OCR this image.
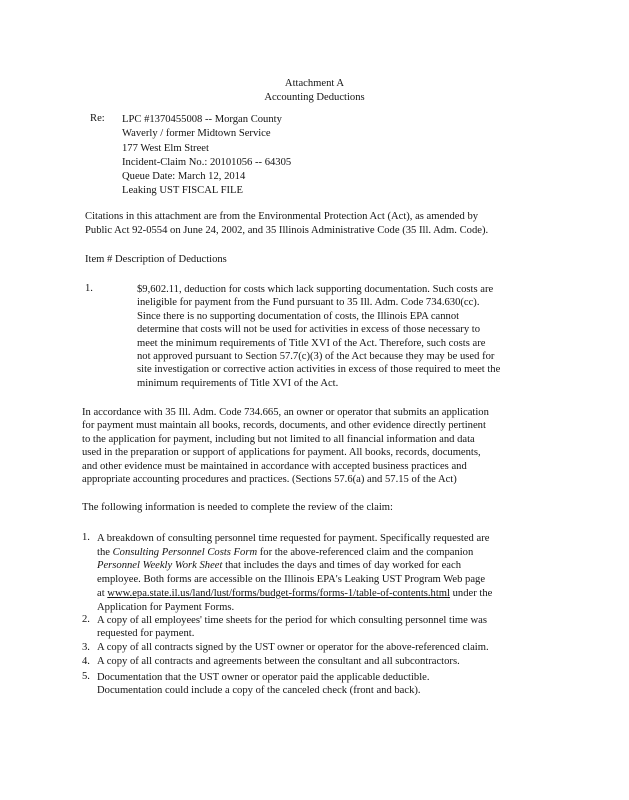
Attachment A
Accounting Deductions
Re: LPC #1370455008 -- Morgan County
Waverly / former Midtown Service
177 West Elm Street
Incident-Claim No.: 20101056 -- 64305
Queue Date: March 12, 2014
Leaking UST FISCAL FILE
Citations in this attachment are from the Environmental Protection Act (Act), as amended by
Public Act 92-0554 on June 24, 2002, and 35 Illinois Administrative Code (35 Ill. Adm. Code).
Item # Description of Deductions
1.	$9,602.11, deduction for costs which lack supporting documentation. Such costs are
ineligible for payment from the Fund pursuant to 35 Ill. Adm. Code 734.630(cc).
Since there is no supporting documentation of costs, the Illinois EPA cannot
determine that costs will not be used for activities in excess of those necessary to
meet the minimum requirements of Title XVI of the Act. Therefore, such costs are
not approved pursuant to Section 57.7(c)(3) of the Act because they may be used for
site investigation or corrective action activities in excess of those required to meet the
minimum requirements of Title XVI of the Act.
In accordance with 35 Ill. Adm. Code 734.665, an owner or operator that submits an application
for payment must maintain all books, records, documents, and other evidence directly pertinent
to the application for payment, including but not limited to all financial information and data
used in the preparation or support of applications for payment. All books, records, documents,
and other evidence must be maintained in accordance with accepted business practices and
appropriate accounting procedures and practices. (Sections 57.6(a) and 57.15 of the Act)
The following information is needed to complete the review of the claim:
1. A breakdown of consulting personnel time requested for payment. Specifically requested are
the Consulting Personnel Costs Form for the above-referenced claim and the companion
Personnel Weekly Work Sheet that includes the days and times of day worked for each
employee. Both forms are accessible on the Illinois EPA's Leaking UST Program Web page
at www.epa.state.il.us/land/lust/forms/budget-forms/forms-1/table-of-contents.html under the
Application for Payment Forms.
2. A copy of all employees' time sheets for the period for which consulting personnel time was
requested for payment.
3. A copy of all contracts signed by the UST owner or operator for the above-referenced claim.
4. A copy of all contracts and agreements between the consultant and all subcontractors.
5. Documentation that the UST owner or operator paid the applicable deductible.
Documentation could include a copy of the canceled check (front and back).
